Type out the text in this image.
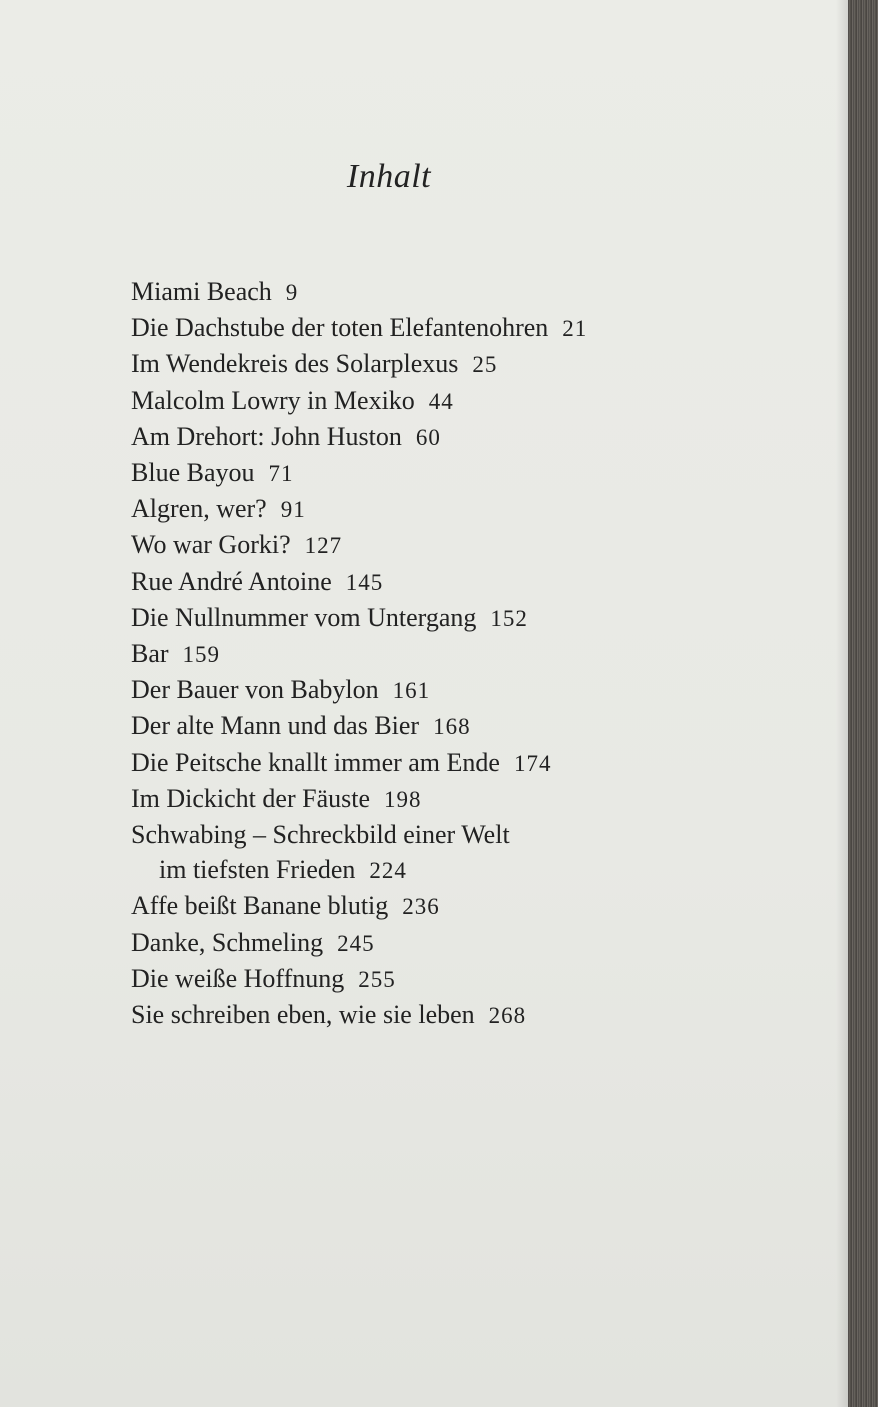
Inhalt
Miami Beach 9
Die Dachstube der toten Elefantenohren 21
Im Wendekreis des Solarplexus 25
Malcolm Lowry in Mexiko 44
Am Drehort: John Huston 60
Blue Bayou 71
Algren, wer? 91
Wo war Gorki? 127
Rue André Antoine 145
Die Nullnummer vom Untergang 152
Bar 159
Der Bauer von Babylon 161
Der alte Mann und das Bier 168
Die Peitsche knallt immer am Ende 174
Im Dickicht der Fäuste 198
Schwabing – Schreckbild einer Welt
im tiefsten Frieden 224
Affe beißt Banane blutig 236
Danke, Schmeling 245
Die weiße Hoffnung 255
Sie schreiben eben, wie sie leben 268
